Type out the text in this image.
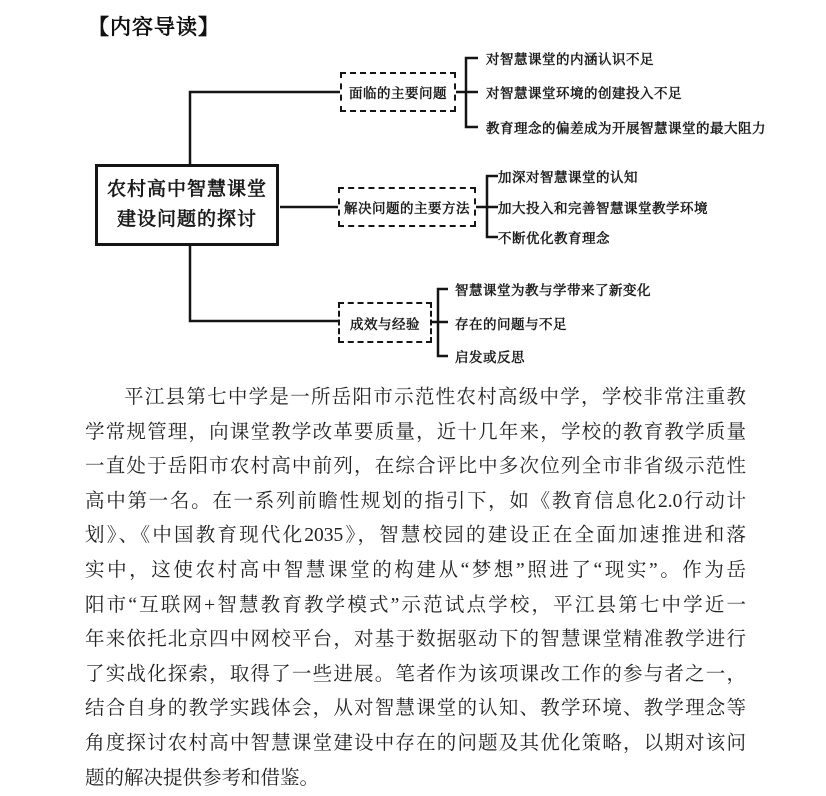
【内容导读】
农村高中智慧课堂
建设问题的探讨
面临的主要问题
解决问题的主要方法
成效与经验
对智慧课堂的内涵认识不足
对智慧课堂环境的创建投入不足
教育理念的偏差成为开展智慧课堂的最大阻力
加深对智慧课堂的认知
加大投入和完善智慧课堂教学环境
不断优化教育理念
智慧课堂为教与学带来了新变化
存在的问题与不足
启发或反思
平江县第七中学是一所岳阳市示范性农村高级中学，学校非常注重教
学常规管理，向课堂教学改革要质量，近十几年来，学校的教育教学质量
一直处于岳阳市农村高中前列，在综合评比中多次位列全市非省级示范性
高中第一名。在一系列前瞻性规划的指引下，如《教育信息化2.0行动计
划》、《中国教育现代化2035》，智慧校园的建设正在全面加速推进和落
实中，这使农村高中智慧课堂的构建从“梦想”照进了“现实”。作为岳
阳市“互联网+智慧教育教学模式”示范试点学校，平江县第七中学近一
年来依托北京四中网校平台，对基于数据驱动下的智慧课堂精准教学进行
了实战化探索，取得了一些进展。笔者作为该项课改工作的参与者之一，
结合自身的教学实践体会，从对智慧课堂的认知、教学环境、教学理念等
角度探讨农村高中智慧课堂建设中存在的问题及其优化策略，以期对该问
题的解决提供参考和借鉴。
